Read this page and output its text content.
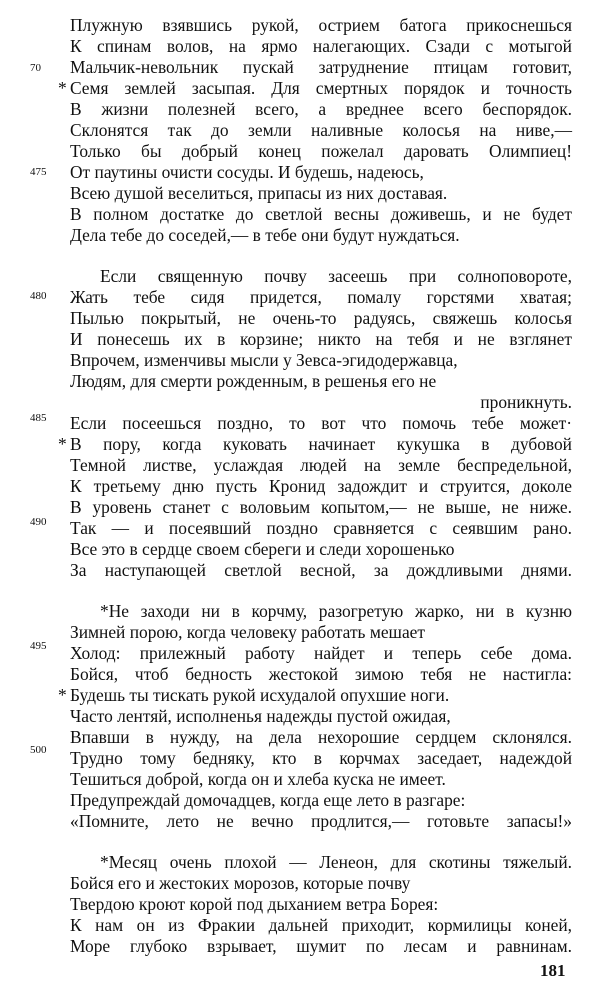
70
475
480
485
490
495
500
Плужную взявшись рукой, острием батога прикоснешься
К спинам волов, на ярмо налегающих. Сзади с мотыгой
Мальчик-невольник пускай затруднение птицам готовит,
* Семя землей засыпая. Для смертных порядок и точность
В жизни полезней всего, а вреднее всего беспорядок.
Склонятся так до земли наливные колосья на ниве,—
Только бы добрый конец пожелал даровать Олимпиец!
От паутины очисти сосуды. И будешь, надеюсь,
Всею душой веселиться, припасы из них доставая.
В полном достатке до светлой весны доживешь, и не будет
Дела тебе до соседей,— в тебе они будут нуждаться.
Если священную почву засеешь при солноповороте,
Жать тебе сидя придется, помалу горстями хватая;
Пылью покрытый, не очень-то радуясь, свяжешь колосья
И понесешь их в корзине; никто на тебя и не взглянет
Впрочем, изменчивы мысли у Зевса-эгидодержавца,
Людям, для смерти рожденным, в решенья его не
проникнуть.
Если посеешься поздно, то вот что помочь тебе может·
* В пору, когда куковать начинает кукушка в дубовой
Темной листве, услаждая людей на земле беспредельной,
К третьему дню пусть Кронид задождит и струится, доколе
В уровень станет с воловьим копытом,— не выше, не ниже.
Так — и посеявший поздно сравняется с сеявшим рано.
Все это в сердце своем сбереги и следи хорошенько
За наступающей светлой весной, за дождливыми днями.
*Не заходи ни в корчму, разогретую жарко, ни в кузню
Зимней порою, когда человеку работать мешает
Холод: прилежный работу найдет и теперь себе дома.
Бойся, чтоб бедность жестокой зимою тебя не настигла:
* Будешь ты тискать рукой исхудалой опухшие ноги.
Часто лентяй, исполненья надежды пустой ожидая,
Впавши в нужду, на дела нехорошие сердцем склонялся.
Трудно тому бедняку, кто в корчмах заседает, надеждой
Тешиться доброй, когда он и хлеба куска не имеет.
Предупреждай домочадцев, когда еще лето в разгаре:
«Помните, лето не вечно продлится,— готовьте запасы!»
*Месяц очень плохой — Ленеон, для скотины тяжелый.
Бойся его и жестоких морозов, которые почву
Твердою кроют корой под дыханием ветра Борея:
К нам он из Фракии дальней приходит, кормилицы коней,
Море глубоко взрывает, шумит по лесам и равнинам.
181
